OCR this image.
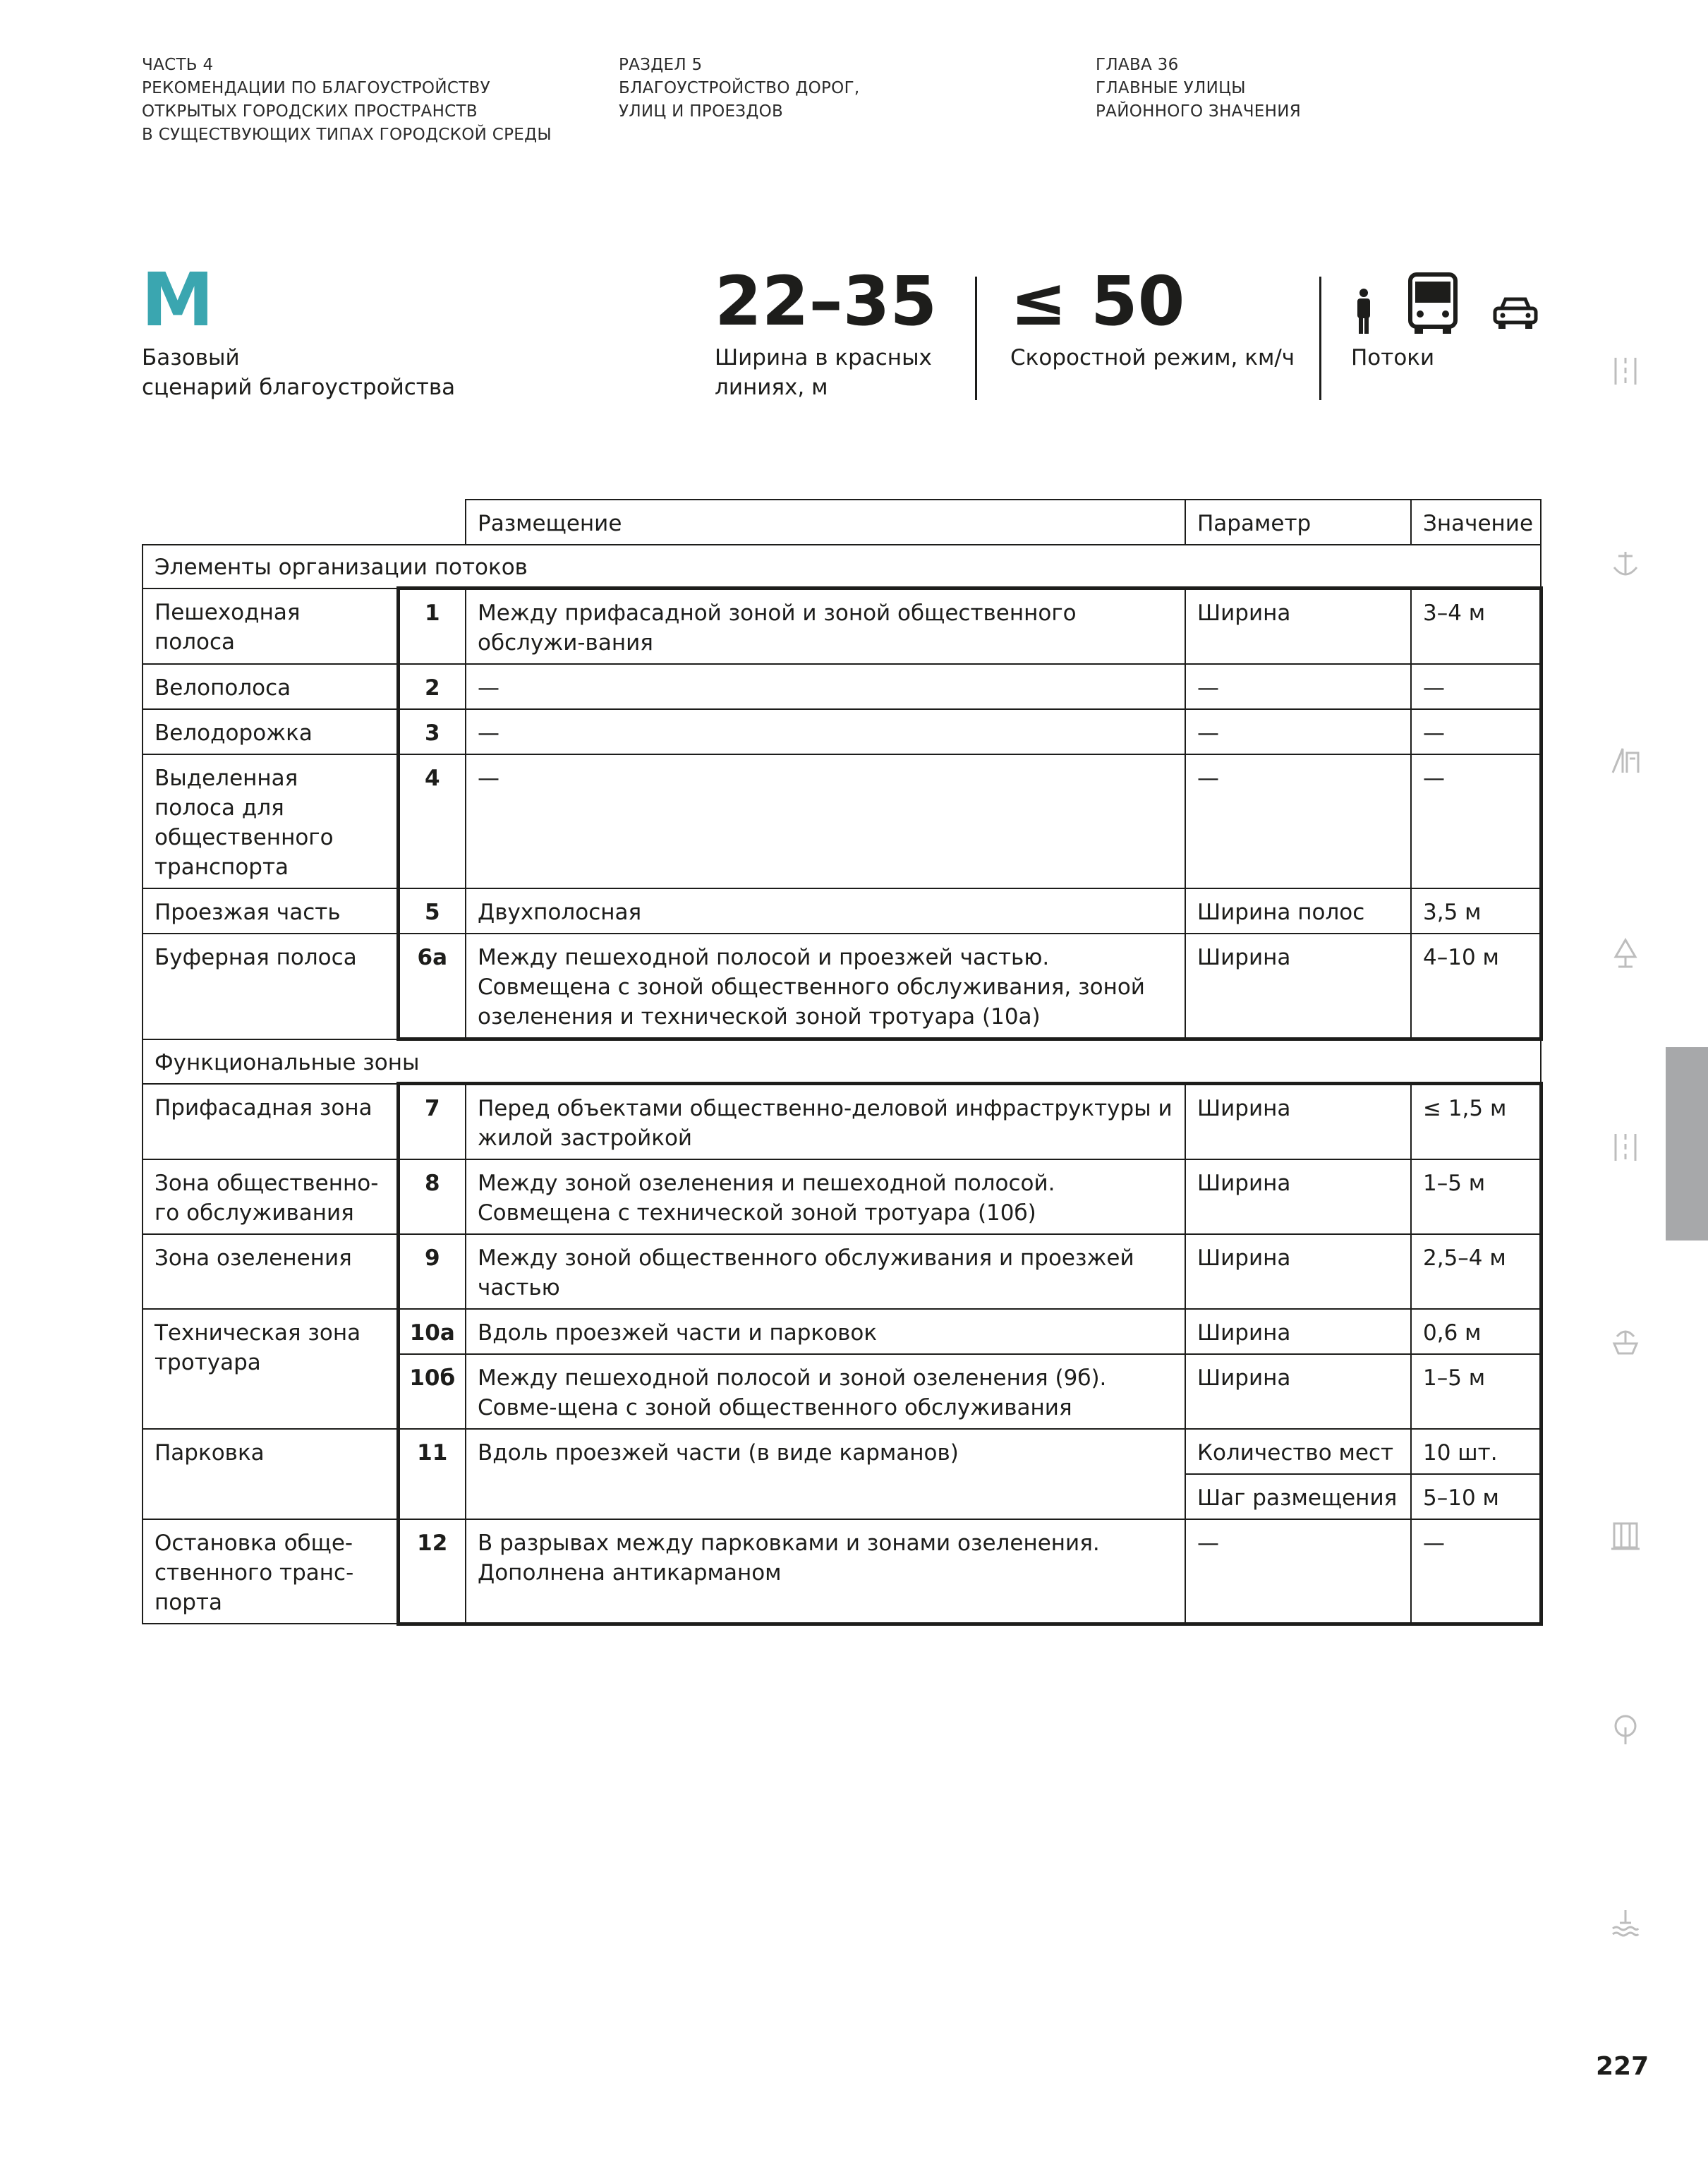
ЧАСТЬ 4
РЕКОМЕНДАЦИИ ПО БЛАГОУСТРОЙСТВУ
ОТКРЫТЫХ ГОРОДСКИХ ПРОСТРАНСТВ
В СУЩЕСТВУЮЩИХ ТИПАХ ГОРОДСКОЙ СРЕДЫ
РАЗДЕЛ 5
БЛАГОУСТРОЙСТВО ДОРОГ,
УЛИЦ И ПРОЕЗДОВ
ГЛАВА 36
ГЛАВНЫЕ УЛИЦЫ
РАЙОННОГО ЗНАЧЕНИЯ
M
Базовый
сценарий благоустройства
22–35
Ширина в красных
линиях, м
≤ 50
Скоростной режим, км/ч	Потоки
		Размещение	Параметр	Значение
Элементы организации потоков				
Пешеходная полоса	1	Между прифасадной зоной и зоной общественного обслужи-вания	Ширина	3–4 м
Велополоса	2	—	—	—
Велодорожка	3	—	—	—
Выделенная полоса для общественного транспорта	4	—	—	—
Проезжая часть	5	Двухполосная	Ширина полос	3,5 м
Буферная полоса	6а	Между пешеходной полосой и проезжей частью. Совмещена с зоной общественного обслуживания, зоной озеленения и технической зоной тротуара (10а)	Ширина	4–10 м
Функциональные зоны				
Прифасадная зона	7	Перед объектами общественно-деловой инфраструктуры и жилой застройкой	Ширина	≤ 1,5 м
Зона общественно-го обслуживания	8	Между зоной озеленения и пешеходной полосой. Совмещена с технической зоной тротуара (10б)	Ширина	1–5 м
Зона озеленения	9	Между зоной общественного обслуживания и проезжей частью	Ширина	2,5–4 м
Техническая зона тротуара	10а	Вдоль проезжей части и парковок	Ширина	0,6 м
	10б	Между пешеходной полосой и зоной озеленения (9б). Совме-щена с зоной общественного обслуживания	Ширина	1–5 м
Парковка	11	Вдоль проезжей части (в виде карманов)	Количество мест	10 шт.
			Шаг размещения	5–10 м
Остановка обще-ственного транс-порта	12	В разрывах между парковками и зонами озеленения. Дополнена антикарманом	—	—
227
